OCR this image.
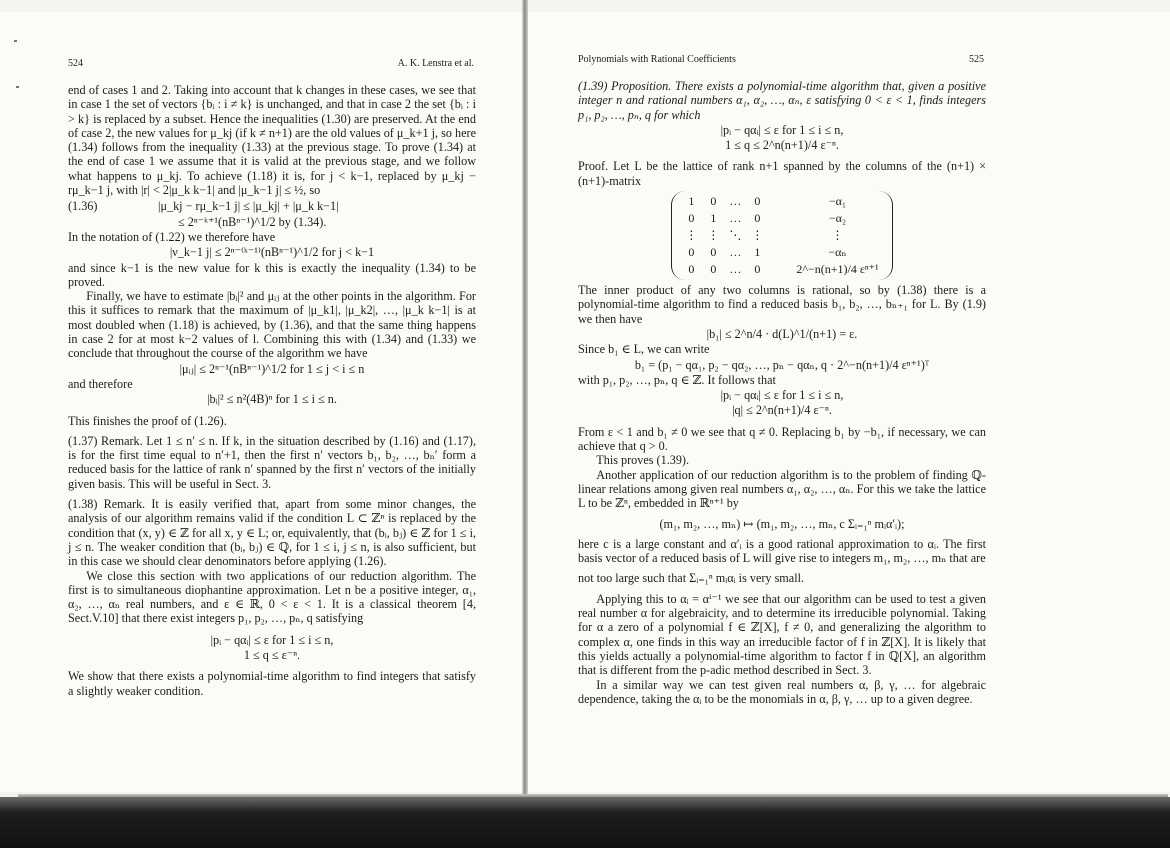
524	A. K. Lenstra et al.

end of cases 1 and 2. Taking into account that k changes in these cases, we see that in case 1 the set of vectors {bᵢ : i ≠ k} is unchanged, and that in case 2 the set {bᵢ : i > k} is replaced by a subset. Hence the inequalities (1.30) are preserved. At the end of case 2, the new values for μ_kj (if k ≠ n+1) are the old values of μ_k+1 j, so here (1.34) follows from the inequality (1.33) at the previous stage. To prove (1.34) at the end of case 1 we assume that it is valid at the previous stage, and we follow what happens to μ_kj. To achieve (1.18) it is, for j < k−1, replaced by μ_kj − rμ_k−1 j, with |r| < 2|μ_k k−1| and |μ_k−1 j| ≤ ½, so

(1.36)	|μ_kj − rμ_k−1 j| ≤ |μ_kj| + |μ_k k−1|
≤ 2ⁿ⁻ᵏ⁺¹(nBⁿ⁻¹)^1/2 by (1.34).

In the notation of (1.22) we therefore have

|ν_k−1 j| ≤ 2ⁿ⁻⁽ᵏ⁻¹⁾(nBⁿ⁻¹)^1/2 for j < k−1

and since k−1 is the new value for k this is exactly the inequality (1.34) to be proved.

Finally, we have to estimate |bᵢ|² and μᵢⱼ at the other points in the algorithm. For this it suffices to remark that the maximum of |μ_k1|, |μ_k2|, …, |μ_k k−1| is at most doubled when (1.18) is achieved, by (1.36), and that the same thing happens in case 2 for at most k−2 values of l. Combining this with (1.34) and (1.33) we conclude that throughout the course of the algorithm we have

|μᵢⱼ| ≤ 2ⁿ⁻¹(nBⁿ⁻¹)^1/2 for 1 ≤ j < i ≤ n

and therefore

|bᵢ|² ≤ n²(4B)ⁿ for 1 ≤ i ≤ n.

This finishes the proof of (1.26).

(1.37) Remark. Let 1 ≤ n′ ≤ n. If k, in the situation described by (1.16) and (1.17), is for the first time equal to n′+1, then the first n′ vectors b₁, b₂, …, bₙ′ form a reduced basis for the lattice of rank n′ spanned by the first n′ vectors of the initially given basis. This will be useful in Sect. 3.

(1.38) Remark. It is easily verified that, apart from some minor changes, the analysis of our algorithm remains valid if the condition L ⊂ ℤⁿ is replaced by the condition that (x, y) ∈ ℤ for all x, y ∈ L; or, equivalently, that (bᵢ, bⱼ) ∈ ℤ for 1 ≤ i, j ≤ n. The weaker condition that (bᵢ, bⱼ) ∈ ℚ, for 1 ≤ i, j ≤ n, is also sufficient, but in this case we should clear denominators before applying (1.26).

We close this section with two applications of our reduction algorithm. The first is to simultaneous diophantine approximation. Let n be a positive integer, α₁, α₂, …, αₙ real numbers, and ε ∈ ℝ, 0 < ε < 1. It is a classical theorem [4, Sect.V.10] that there exist integers p₁, p₂, …, pₙ, q satisfying

|pᵢ − qαᵢ| ≤ ε for 1 ≤ i ≤ n,
1 ≤ q ≤ ε⁻ⁿ.

We show that there exists a polynomial-time algorithm to find integers that satisfy a slightly weaker condition.

Polynomials with Rational Coefficients	525

(1.39) Proposition. There exists a polynomial-time algorithm that, given a positive integer n and rational numbers α₁, α₂, …, αₙ, ε satisfying 0 < ε < 1, finds integers p₁, p₂, …, pₙ, q for which

|pᵢ − qαᵢ| ≤ ε for 1 ≤ i ≤ n,
1 ≤ q ≤ 2^n(n+1)/4 ε⁻ⁿ.

Proof. Let L be the lattice of rank n+1 spanned by the columns of the (n+1) × (n+1)-matrix

1	0	…	0	−α₁
0	1	…	0	−α₂
⋮	⋮	⋱	⋮	⋮
0	0	…	1	−αₙ
0	0	…	0	2^−n(n+1)/4 εⁿ⁺¹

The inner product of any two columns is rational, so by (1.38) there is a polynomial-time algorithm to find a reduced basis b₁, b₂, …, bₙ₊₁ for L. By (1.9) we then have

|b₁| ≤ 2^n/4 · d(L)^1/(n+1) = ε.

Since b₁ ∈ L, we can write

b₁ = (p₁ − qα₁, p₂ − qα₂, …, pₙ − qαₙ, q · 2^−n(n+1)/4 εⁿ⁺¹)ᵀ

with p₁, p₂, …, pₙ, q ∈ ℤ. It follows that

|pᵢ − qαᵢ| ≤ ε for 1 ≤ i ≤ n,
|q| ≤ 2^n(n+1)/4 ε⁻ⁿ.

From ε < 1 and b₁ ≠ 0 we see that q ≠ 0. Replacing b₁ by −b₁, if necessary, we can achieve that q > 0.

This proves (1.39).

Another application of our reduction algorithm is to the problem of finding ℚ-linear relations among given real numbers α₁, α₂, …, αₙ. For this we take the lattice L to be ℤⁿ, embedded in ℝⁿ⁺¹ by

(m₁, m₂, …, mₙ) ↦ (m₁, m₂, …, mₙ, c Σᵢ₌₁ⁿ mᵢα′ᵢ);

here c is a large constant and α′ᵢ is a good rational approximation to αᵢ. The first basis vector of a reduced basis of L will give rise to integers m₁, m₂, …, mₙ that are

not too large such that Σᵢ₌₁ⁿ mᵢαᵢ is very small.

Applying this to αᵢ = αⁱ⁻¹ we see that our algorithm can be used to test a given real number α for algebraicity, and to determine its irreducible polynomial. Taking for α a zero of a polynomial f ∈ ℤ[X], f ≠ 0, and generalizing the algorithm to complex α, one finds in this way an irreducible factor of f in ℤ[X]. It is likely that this yields actually a polynomial-time algorithm to factor f in ℚ[X], an algorithm that is different from the p-adic method described in Sect. 3.

In a similar way we can test given real numbers α, β, γ, … for algebraic dependence, taking the αᵢ to be the monomials in α, β, γ, … up to a given degree.
